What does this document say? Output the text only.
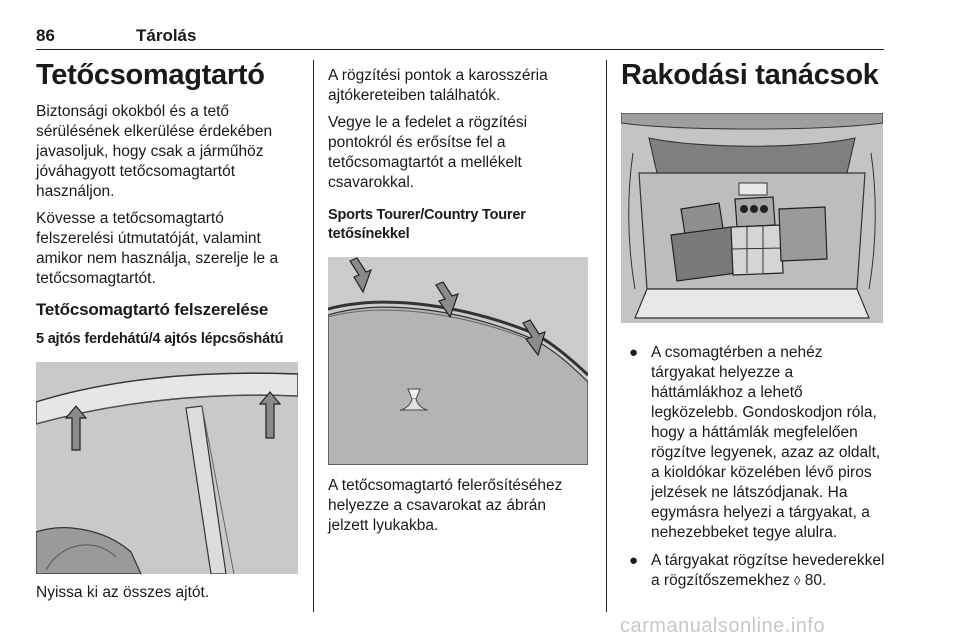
86	Tárolás
Tetőcsomagtartó

Biztonsági okokból és a tető sérülésének elkerülése érdekében javasoljuk, hogy csak a járműhöz jóváhagyott tetőcsomagtartót használjon.

Kövesse a tetőcsomagtartó felszerelési útmutatóját, valamint amikor nem használja, szerelje le a tetőcsomagtartót.

Tetőcsomagtartó felszerelése
5 ajtós ferdehátú/4 ajtós lépcsőshátú

Nyissa ki az összes ajtót.

A rögzítési pontok a karosszéria ajtókereteiben találhatók.

Vegye le a fedelet a rögzítési pontokról és erősítse fel a tetőcsomagtartót a mellékelt csavarokkal.

Sports Tourer/Country Tourer tetősínekkel

A tetőcsomagtartó felerősítéséhez helyezze a csavarokat az ábrán jelzett lyukakba.

Rakodási tanácsok
● A csomagtérben a nehéz tárgyakat helyezze a háttámlákhoz a lehető legközelebb. Gondoskodjon róla, hogy a háttámlák megfelelően rögzítve legyenek, azaz az oldalt, a kioldókar közelében lévő piros jelzések ne látszódjanak. Ha egymásra helyezi a tárgyakat, a nehezebbeket tegye alulra.
● A tárgyakat rögzítse hevederekkel a rögzítőszemekhez ◊ 80.
carmanualsonline.info
